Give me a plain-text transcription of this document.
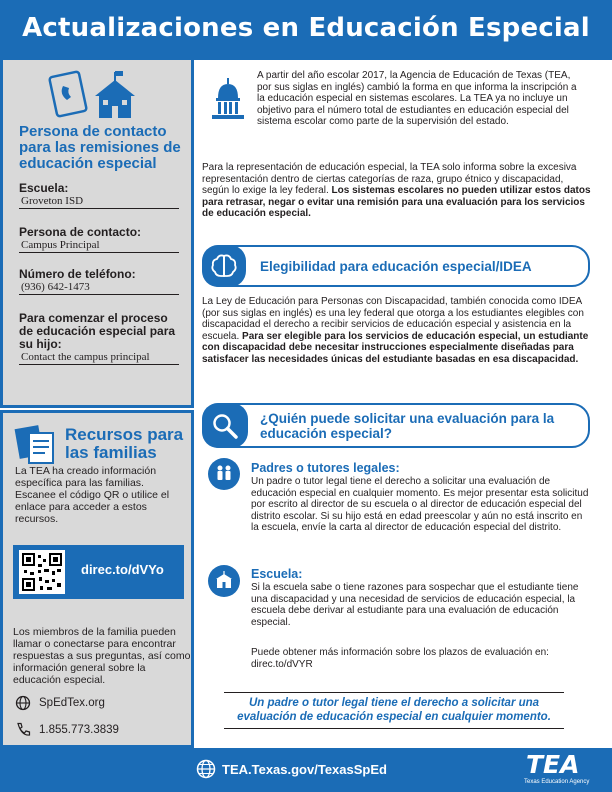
Actualizaciones en Educación Especial
Persona de contacto para las remisiones de educación especial
Escuela:
Groveton ISD
Persona de contacto:
Campus Principal
Número de teléfono:
(936) 642-1473
Para comenzar el proceso de educación especial para su hijo:
Contact the campus principal
Recursos para las familias
La TEA ha creado información específica para las familias. Escanee el código QR o utilice el enlace para acceder a estos recursos.
direc.to/dVYo
Los miembros de la familia pueden llamar o conectarse para encontrar respuestas a sus preguntas, así como información general sobre la educación especial.
SpEdTex.org
1.855.773.3839
A partir del año escolar 2017, la Agencia de Educación de Texas (TEA, por sus siglas en inglés) cambió la forma en que informa la inscripción a la educación especial en sistemas escolares. La TEA ya no incluye un objetivo para el número total de estudiantes en educación especial del sistema escolar como parte de la supervisión del estado.
Para la representación de educación especial, la TEA solo informa sobre la excesiva representación dentro de ciertas categorías de raza, grupo étnico y discapacidad, según lo exige la ley federal. Los sistemas escolares no pueden utilizar estos datos para retrasar, negar o evitar una remisión para una evaluación para los servicios de educación especial.
Elegibilidad para educación especial/IDEA
La Ley de Educación para Personas con Discapacidad, también conocida como IDEA (por sus siglas en inglés) es una ley federal que otorga a los estudiantes elegibles con discapacidad el derecho a recibir servicios de educación especial y asistencia en la escuela. Para ser elegible para los servicios de educación especial, un estudiante con discapacidad debe necesitar instrucciones especialmente diseñadas para satisfacer las necesidades únicas del estudiante basadas en esa discapacidad.
¿Quién puede solicitar una evaluación para la educación especial?
Padres o tutores legales:
Un padre o tutor legal tiene el derecho a solicitar una evaluación de educación especial en cualquier momento. Es mejor presentar esta solicitud por escrito al director de su escuela o al director de educación especial del distrito escolar. Si su hijo está en edad preescolar y aún no está inscrito en la escuela, envíe la carta al director de educación especial del distrito.
Escuela:
Si la escuela sabe o tiene razones para sospechar que el estudiante tiene una discapacidad y una necesidad de servicios de educación especial, la escuela debe derivar al estudiante para una evaluación de educación especial.
Puede obtener más información sobre los plazos de evaluación en: direc.to/dVYR
Un padre o tutor legal tiene el derecho a solicitar una evaluación de educación especial en cualquier momento.
TEA.Texas.gov/TexasSpEd	TEA
Texas Education Agency
